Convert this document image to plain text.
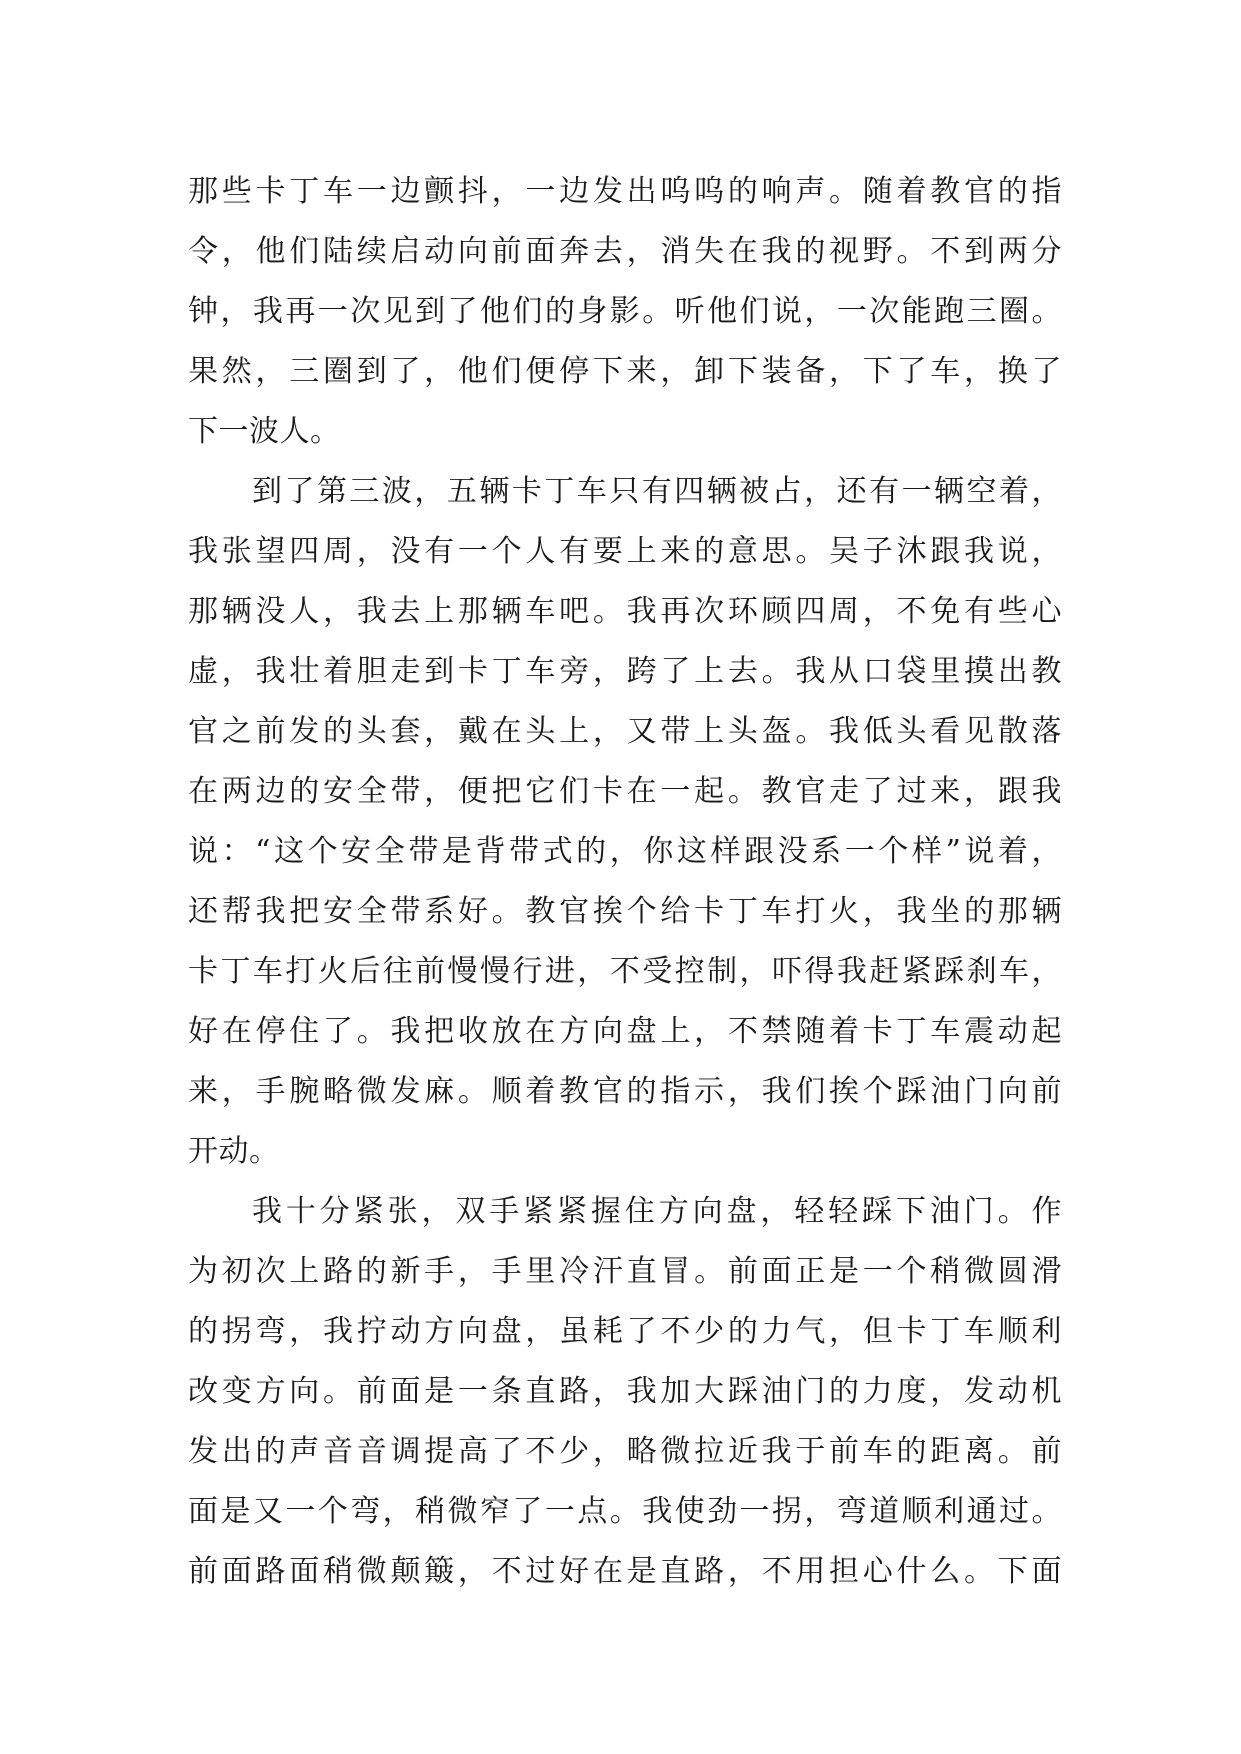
那些卡丁车一边颤抖，一边发出呜呜的响声。随着教官的指
令，他们陆续启动向前面奔去，消失在我的视野。不到两分
钟，我再一次见到了他们的身影。听他们说，一次能跑三圈。
果然，三圈到了，他们便停下来，卸下装备，下了车，换了
下一波人。
到了第三波，五辆卡丁车只有四辆被占，还有一辆空着，
我张望四周，没有一个人有要上来的意思。吴子沐跟我说，
那辆没人，我去上那辆车吧。我再次环顾四周，不免有些心
虚，我壮着胆走到卡丁车旁，跨了上去。我从口袋里摸出教
官之前发的头套，戴在头上，又带上头盔。我低头看见散落
在两边的安全带，便把它们卡在一起。教官走了过来，跟我
说：“这个安全带是背带式的，你这样跟没系一个样”说着，
还帮我把安全带系好。教官挨个给卡丁车打火，我坐的那辆
卡丁车打火后往前慢慢行进，不受控制，吓得我赶紧踩刹车，
好在停住了。我把收放在方向盘上，不禁随着卡丁车震动起
来，手腕略微发麻。顺着教官的指示，我们挨个踩油门向前
开动。
我十分紧张，双手紧紧握住方向盘，轻轻踩下油门。作
为初次上路的新手，手里冷汗直冒。前面正是一个稍微圆滑
的拐弯，我拧动方向盘，虽耗了不少的力气，但卡丁车顺利
改变方向。前面是一条直路，我加大踩油门的力度，发动机
发出的声音音调提高了不少，略微拉近我于前车的距离。前
面是又一个弯，稍微窄了一点。我使劲一拐，弯道顺利通过。
前面路面稍微颠簸，不过好在是直路，不用担心什么。下面
